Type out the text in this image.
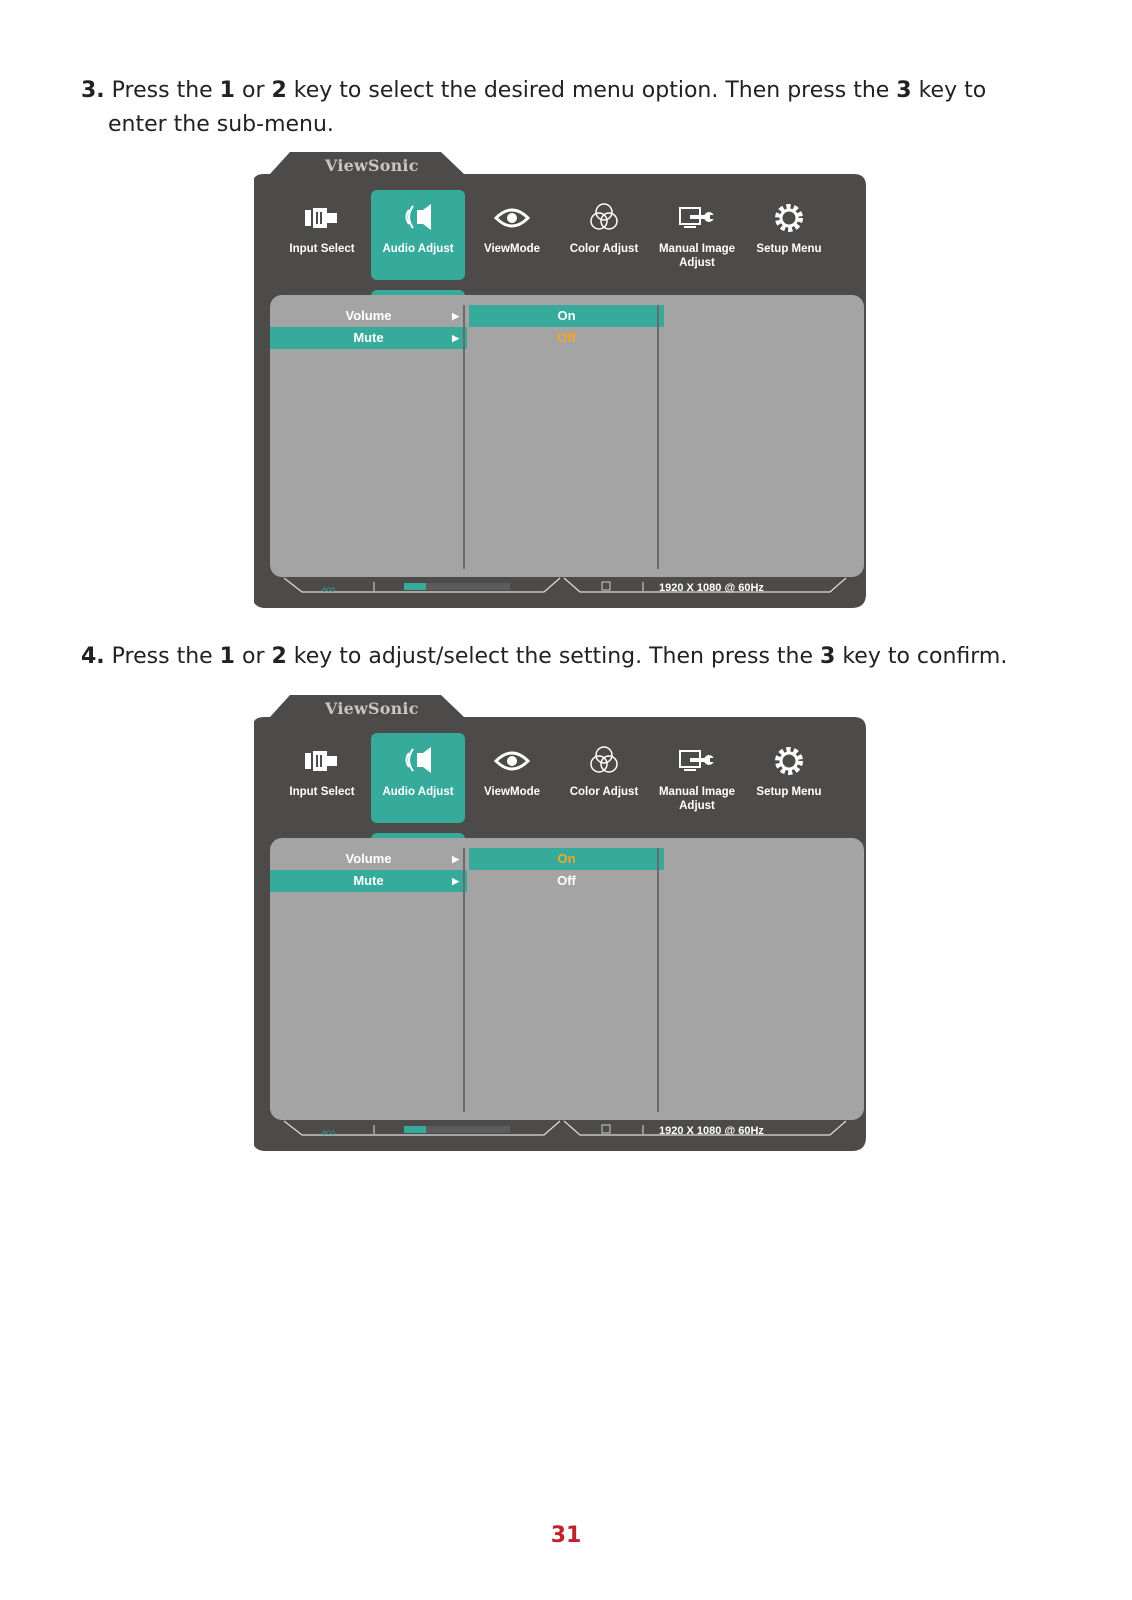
3. Press the 1 or 2 key to select the desired menu option. Then press the 3 key to
enter the sub-menu.
ViewSonic
Input Select	Audio Adjust	ViewMode	Color Adjust	Manual Image Adjust
Setup Menu
Volume	▶
Mute	▶
On
Off
eco	1920 X 1080 @ 60Hz
4. Press the 1 or 2 key to adjust/select the setting. Then press the 3 key to confirm.
ViewSonic
Input Select	Audio Adjust	ViewMode	Color Adjust	Manual Image Adjust
Setup Menu
Volume	▶
Mute	▶
On
Off
eco	1920 X 1080 @ 60Hz
31
